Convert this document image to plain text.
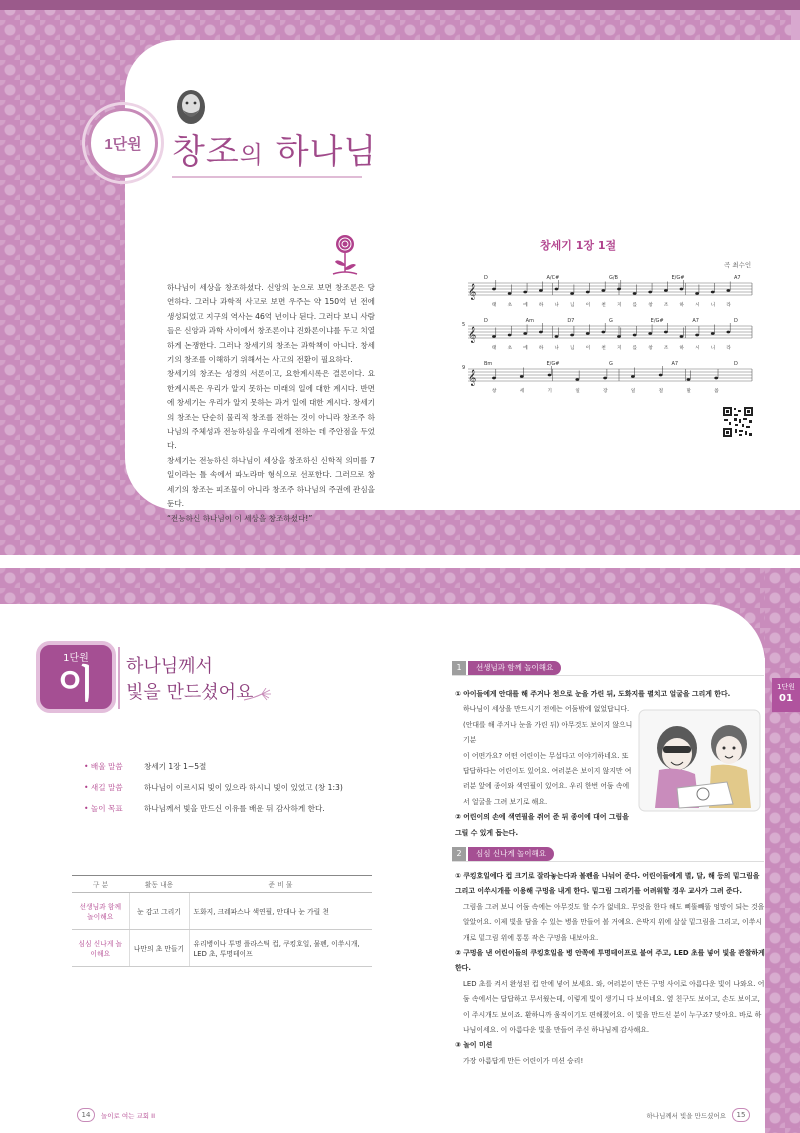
1단원 창조의 하나님

하나님이 세상을 창조하셨다. 신앙의 눈으로 보면 창조론은 당연하다. 그러나 과학적 사고로 보면 우주는 약 150억 년 전에 생성되었고 지구의 역사는 46억 년이나 된다. 그러다 보니 사람들은 신앙과 과학 사이에서 창조론이냐 진화론이냐를 두고 치열하게 논쟁한다. 그러나 창세기의 창조는 과학책이 아니다. 창세기의 창조를 이해하기 위해서는 사고의 전환이 필요하다.

창세기의 창조는 성경의 서론이고, 요한계시록은 결론이다. 요한계시록은 우리가 알지 못하는 미래의 일에 대한 계시다. 반면에 창세기는 우리가 알지 못하는 과거 일에 대한 계시다. 창세기의 창조는 단순히 물리적 창조를 전하는 것이 아니라 창조주 하나님의 주체성과 전능하심을 우리에게 전하는 데 주안점을 두었다.

창세기는 전능하신 하나님이 세상을 창조하신 신학적 의미를 7일이라는 틀 속에서 파노라마 형식으로 선포한다. 그러므로 창세기의 창조는 피조물이 아니라 창조주 하나님의 주권에 관심을 둔다.

“전능하신 하나님이 이 세상을 창조하셨다!”

창세기 1장 1절
곡 최수인
D	A/C#	G/B	E/G#	A7
𝄞
태 초 에 하 나 님 이 천 지 를 창 조 하 시 니 라
D	Am	D7	G	E/G#	A7	D
5
𝄞
태 초 에 하 나 님 이 천 지 를 창 조 하 시 니 라
Bm	E/G#	G	A7	D
9
𝄞
창	세	기	일	장	일	절	말	씀
1단원
01
1단원
이	하나님께서
빛을 만드셨어요
• 배울 말씀	창세기 1장 1~5절
• 새길 말씀	하나님이 이르시되 빛이 있으라 하시니 빛이 있었고 (창 1:3)
• 놀이 목표	하나님께서 빛을 만드신 이유를 배운 뒤 감사하게 한다.
구 분	활동 내용	준 비 물
선생님과 함께 놀이해요	눈 감고 그리기	도화지, 크레파스나 색연필, 안대나 눈 가릴 천
심심 신나게 놀이해요	나만의 초 만들기	유리병이나 투명 플라스틱 컵, 쿠킹호일, 물펜, 이쑤시개, LED 초, 투명테이프
1	선생님과 함께 놀이해요
① 아이들에게 안대를 해 주거나 천으로 눈을 가린 뒤, 도화지를 펼치고 얼굴을 그리게 한다.
하나님이 세상을 만드시기 전에는 어둠밖에 없었답니다.
(안대를 해 주거나 눈을 가린 뒤) 아무것도 보이지 않으니 기분
이 어떤가요? 어떤 어린이는 무섭다고 이야기하네요. 또
답답하다는 어린이도 있어요. 여러분은 보이지 않지만 여
러분 앞에 종이와 색연필이 있어요. 우리 한번 어둠 속에
서 얼굴을 그려 보기로 해요.
② 어린이의 손에 색연필을 쥐어 준 뒤 종이에 대어 그림을 그릴 수 있게 돕는다.
2	심심 신나게 놀이해요
① 쿠킹호일에다 컵 크기로 잘라놓는다과 볼펜을 나눠어 준다. 어린이들에게 별, 달, 해 등의 밑그림을 그리고 이쑤시개를 이용해 구멍을 내게 한다. 밑그림 그리기를 어려워할 경우 교사가 그려 준다.
그림을 그려 보니 어둠 속에는 아무것도 할 수가 없네요. 무엇을 한다 해도 삐뚤빼뚤 엉망이 되는 것을 알았어요. 이제 빛을 담을 수 있는 병을 만들어 볼 거예요. 은박지 위에 살살 밑그림을 그리고, 이쑤시개로 밑그림 위에 통통 작은 구멍을 내보아요.
② 구멍을 낸 어린이들의 쿠킹호일을 병 안쪽에 투명테이프로 붙여 주고, LED 초를 넣어 빛을 관찰하게 한다.
LED 초를 켜서 완성된 컵 안에 넣어 보세요. 와, 여러분이 만든 구멍 사이로 아름다운 빛이 나와요. 어둠 속에서는 답답하고 무서웠는데, 이렇게 빛이 생기니 다 보이네요. 옆 친구도 보이고, 손도 보이고, 이 주시개도 보이죠. 환하니까 움직이기도 편해졌어요. 이 빛을 만드신 분이 누구죠? 맞아요. 바로 하나님이세요. 이 아름다운 빛을 만들어 주신 하나님께 감사해요.
③ 놀이 미션
가장 아름답게 만든 어린이가 미션 승리!
14	놀이로 여는 교회 II	하나님께서 빛을 만드셨어요	15
